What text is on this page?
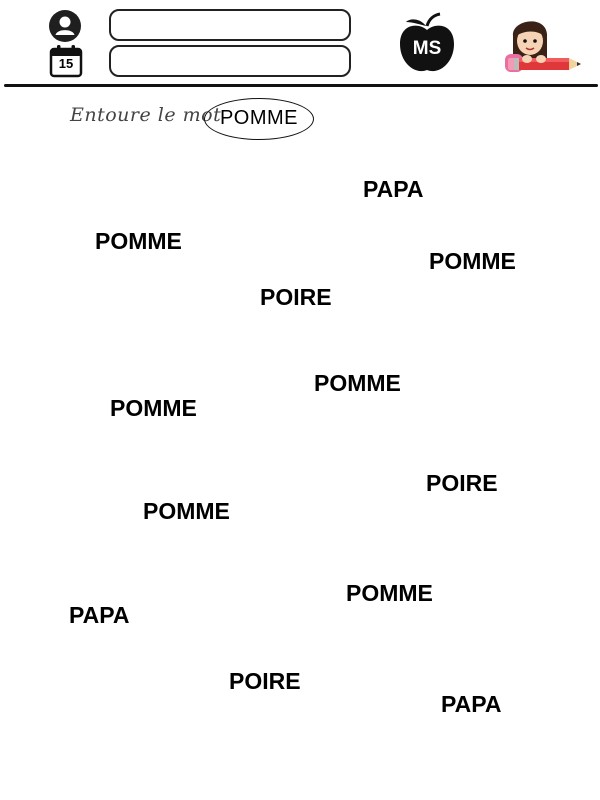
15
MS
Entoure le mot
POMME
PAPA
POMME
POMME
POIRE
POMME
POMME
POIRE
POMME
POMME
PAPA
POIRE
PAPA
